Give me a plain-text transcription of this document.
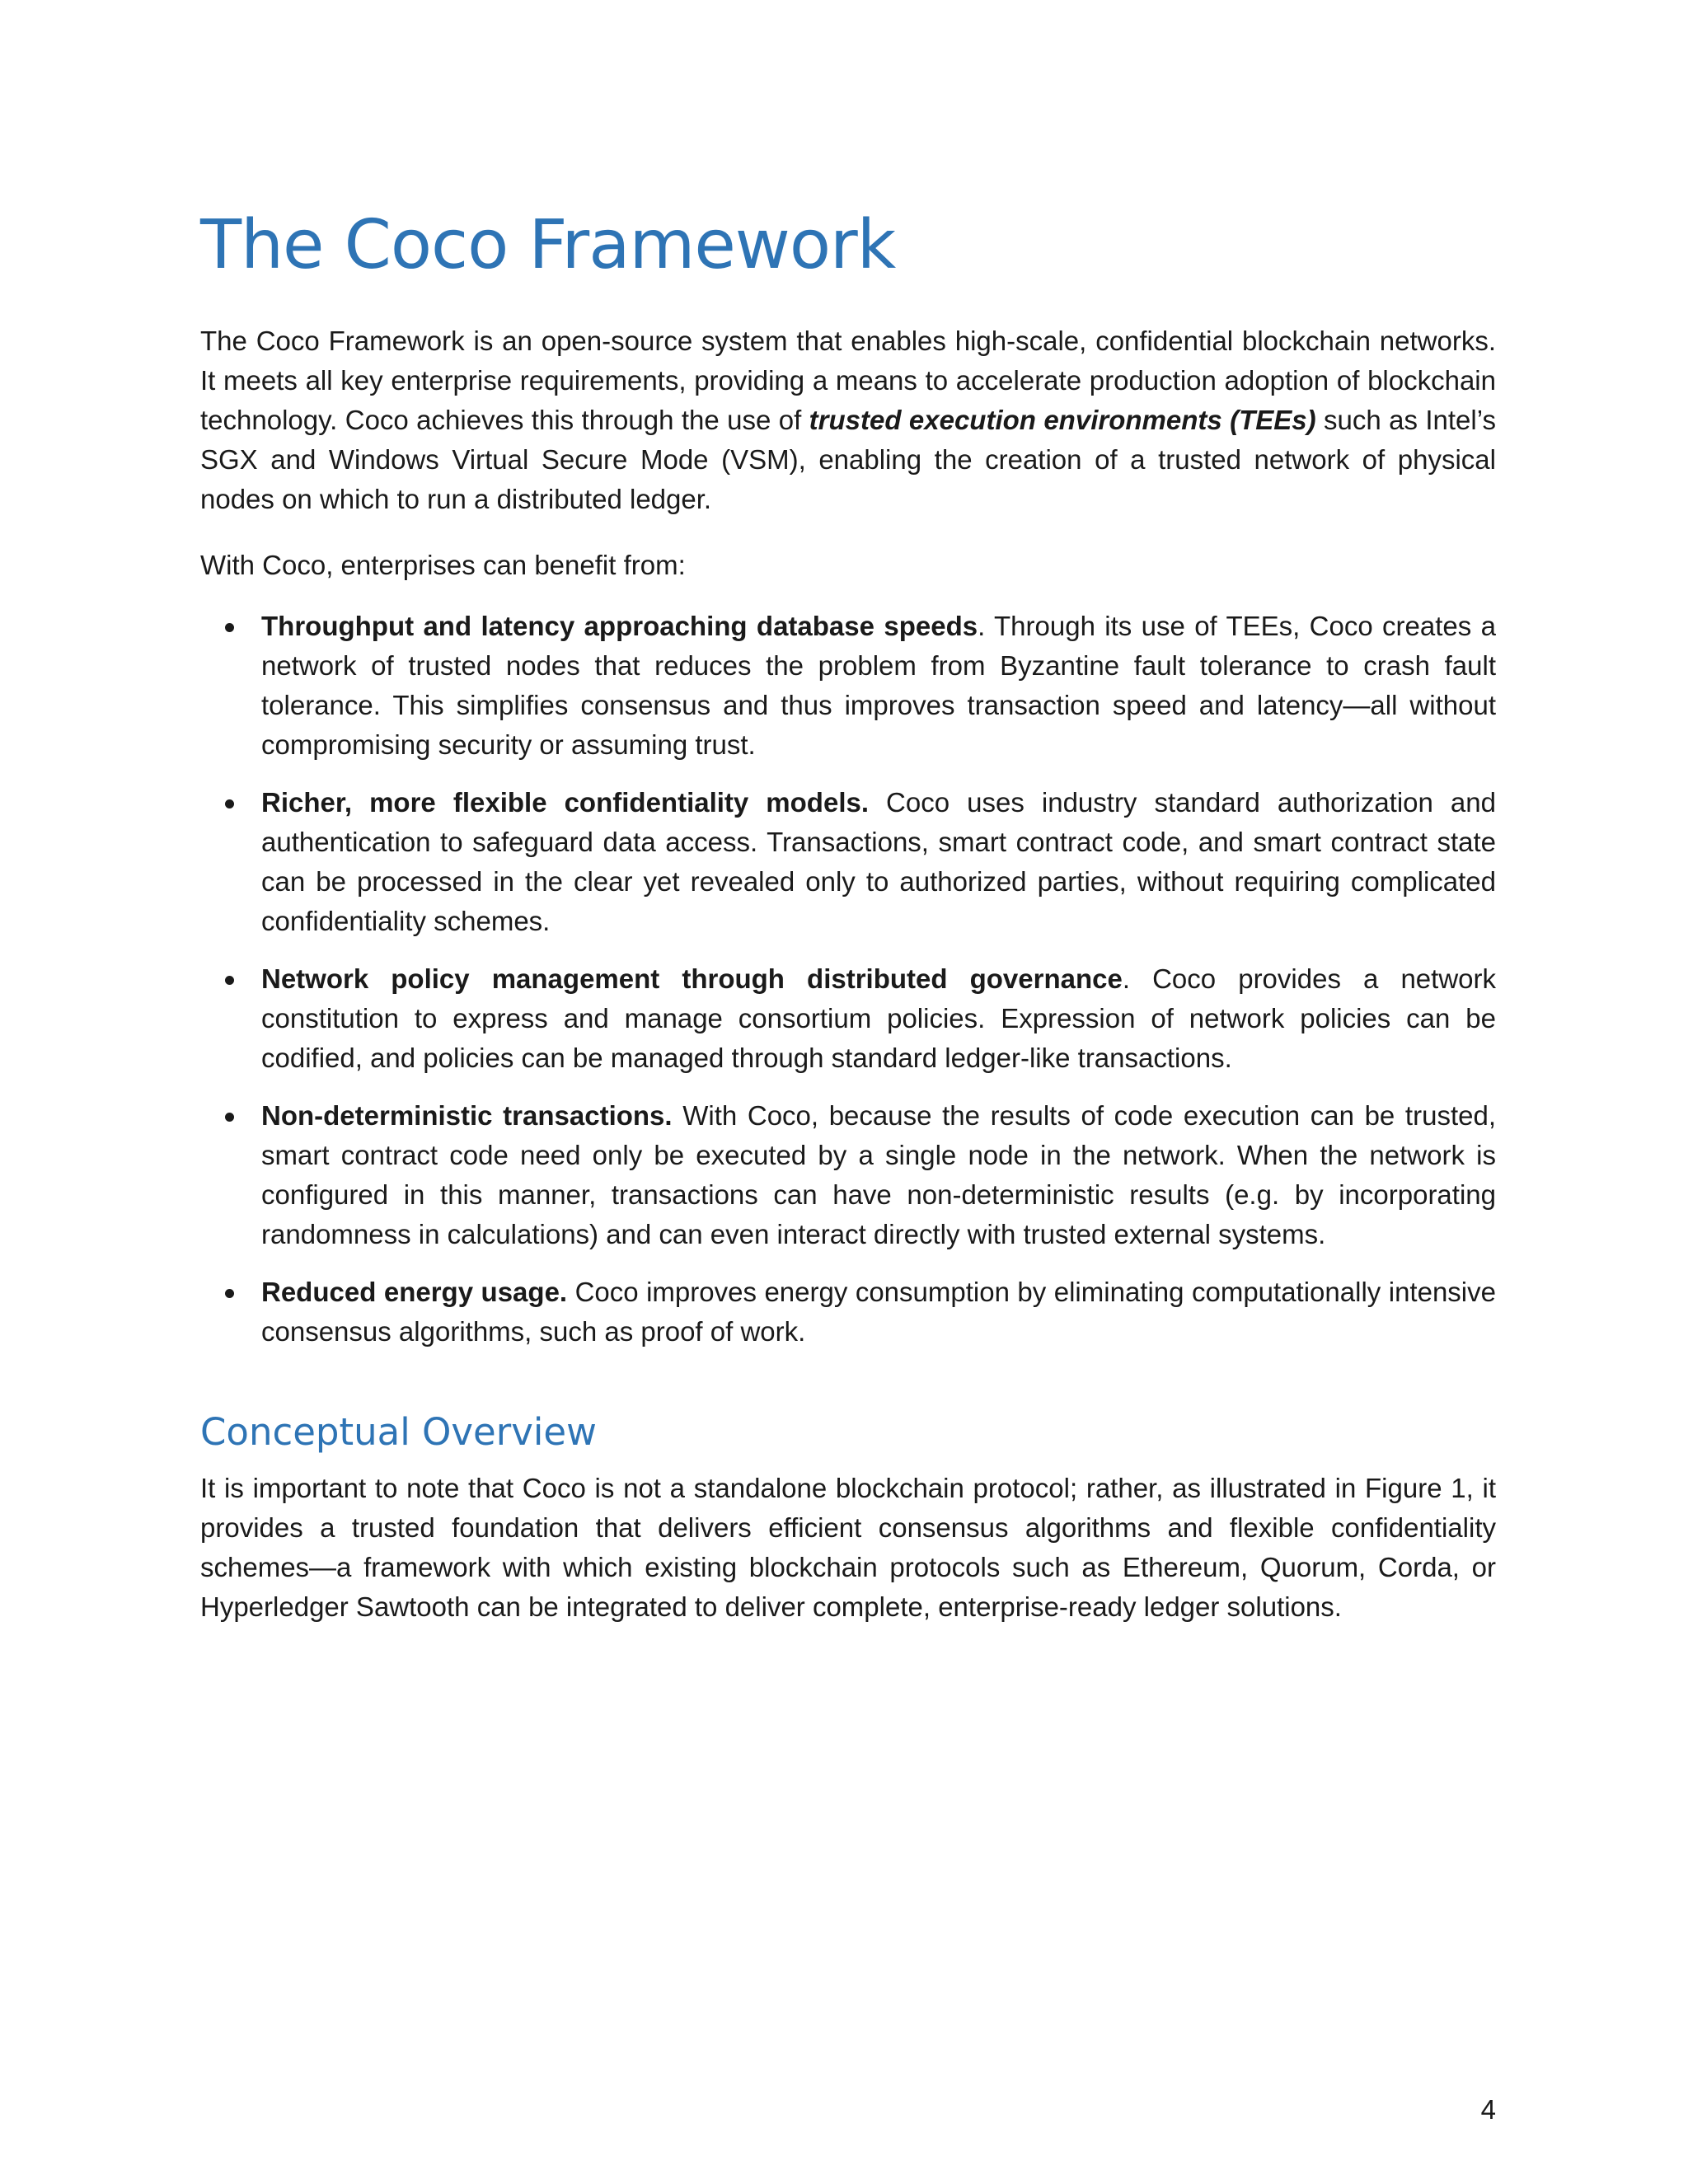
The Coco Framework

The Coco Framework is an open-source system that enables high-scale, confidential blockchain networks. It meets all key enterprise requirements, providing a means to accelerate production adoption of blockchain technology. Coco achieves this through the use of trusted execution environments (TEEs) such as Intel’s SGX and Windows Virtual Secure Mode (VSM), enabling the creation of a trusted network of physical nodes on which to run a distributed ledger.

With Coco, enterprises can benefit from:

Throughput and latency approaching database speeds. Through its use of TEEs, Coco creates a network of trusted nodes that reduces the problem from Byzantine fault tolerance to crash fault tolerance. This simplifies consensus and thus improves transaction speed and latency—all without compromising security or assuming trust.

Richer, more flexible confidentiality models. Coco uses industry standard authorization and authentication to safeguard data access. Transactions, smart contract code, and smart contract state can be processed in the clear yet revealed only to authorized parties, without requiring complicated confidentiality schemes.

Network policy management through distributed governance. Coco provides a network constitution to express and manage consortium policies. Expression of network policies can be codified, and policies can be managed through standard ledger-like transactions.

Non-deterministic transactions. With Coco, because the results of code execution can be trusted, smart contract code need only be executed by a single node in the network. When the network is configured in this manner, transactions can have non-deterministic results (e.g. by incorporating randomness in calculations) and can even interact directly with trusted external systems.

Reduced energy usage. Coco improves energy consumption by eliminating computationally intensive consensus algorithms, such as proof of work.

Conceptual Overview

It is important to note that Coco is not a standalone blockchain protocol; rather, as illustrated in Figure 1, it provides a trusted foundation that delivers efficient consensus algorithms and flexible confidentiality schemes—a framework with which existing blockchain protocols such as Ethereum, Quorum, Corda, or Hyperledger Sawtooth can be integrated to deliver complete, enterprise-ready ledger solutions.

4
